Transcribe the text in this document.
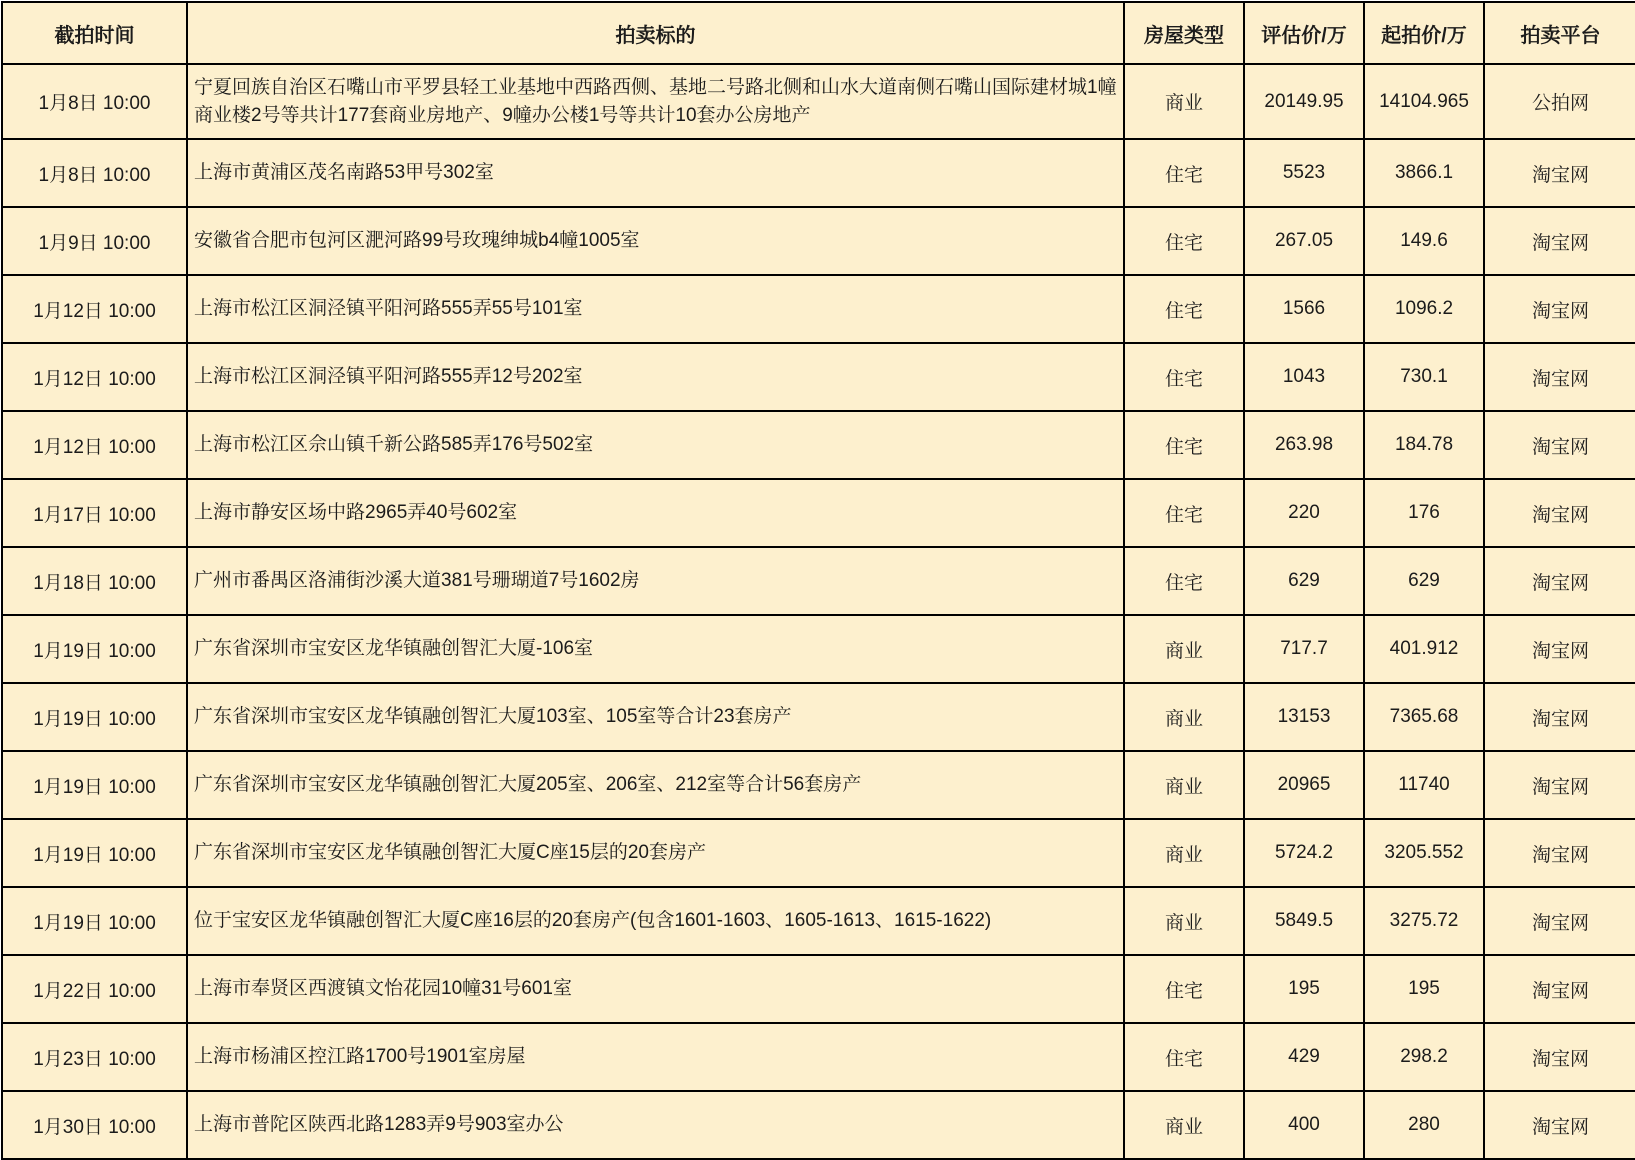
截拍时间	拍卖标的	房屋类型	评估价/万	起拍价/万	拍卖平台
1月8日 10:00	宁夏回族自治区石嘴山市平罗县轻工业基地中西路西侧、基地二号路北侧和山水大道南侧石嘴山国际建材城1幢商业楼2号等共计177套商业房地产、9幢办公楼1号等共计10套办公房地产	商业	20149.95	14104.965	公拍网
1月8日 10:00	上海市黄浦区茂名南路53甲号302室	住宅	5523	3866.1	淘宝网
1月9日 10:00	安徽省合肥市包河区淝河路99号玫瑰绅城b4幢1005室	住宅	267.05	149.6	淘宝网
1月12日 10:00	上海市松江区洞泾镇平阳河路555弄55号101室	住宅	1566	1096.2	淘宝网
1月12日 10:00	上海市松江区洞泾镇平阳河路555弄12号202室	住宅	1043	730.1	淘宝网
1月12日 10:00	上海市松江区佘山镇千新公路585弄176号502室	住宅	263.98	184.78	淘宝网
1月17日 10:00	上海市静安区场中路2965弄40号602室	住宅	220	176	淘宝网
1月18日 10:00	广州市番禺区洛浦街沙溪大道381号珊瑚道7号1602房	住宅	629	629	淘宝网
1月19日 10:00	广东省深圳市宝安区龙华镇融创智汇大厦-106室	商业	717.7	401.912	淘宝网
1月19日 10:00	广东省深圳市宝安区龙华镇融创智汇大厦103室、105室等合计23套房产	商业	13153	7365.68	淘宝网
1月19日 10:00	广东省深圳市宝安区龙华镇融创智汇大厦205室、206室、212室等合计56套房产	商业	20965	11740	淘宝网
1月19日 10:00	广东省深圳市宝安区龙华镇融创智汇大厦C座15层的20套房产	商业	5724.2	3205.552	淘宝网
1月19日 10:00	位于宝安区龙华镇融创智汇大厦C座16层的20套房产(包含1601-1603、1605-1613、1615-1622)	商业	5849.5	3275.72	淘宝网
1月22日 10:00	上海市奉贤区西渡镇文怡花园10幢31号601室	住宅	195	195	淘宝网
1月23日 10:00	上海市杨浦区控江路1700号1901室房屋	住宅	429	298.2	淘宝网
1月30日 10:00	上海市普陀区陕西北路1283弄9号903室办公	商业	400	280	淘宝网
